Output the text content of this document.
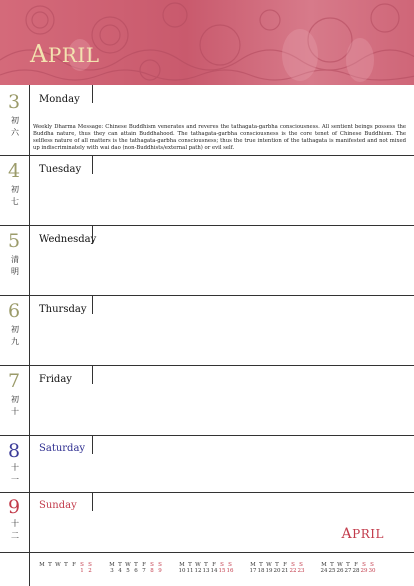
APRIL
3
初
六
Monday
Weekly Dharma Message: Chinese Buddhism venerates and reveres the tathagata-garbha consciousness. All sentient beings possess the Buddha nature, thus they can attain Buddhahood. The tathagata-garbha consciousness is the core tenet of Chinese Buddhism. The selfless nature of all matters is the tathagata-garbha consciousness; thus the true intention of the tathagata is manifested and not mixed up indiscriminately with wai dao (non-Buddhists/external path) or evil self.
4
初
七
Tuesday
5
清
明
Wednesday
6
初
九
Thursday
7
初
十
Friday
8
十
一
Saturday
9
十
二
Sunday
APRIL
M T W T F S S
1 2
M T W T F S S
3 4 5 6 7 8 9
M T W T F S S
10 11 12 13 14 15 16
M T W T F S S
17 18 19 20 21 22 23
M T W T F S S
24 25 26 27 28 29 30
